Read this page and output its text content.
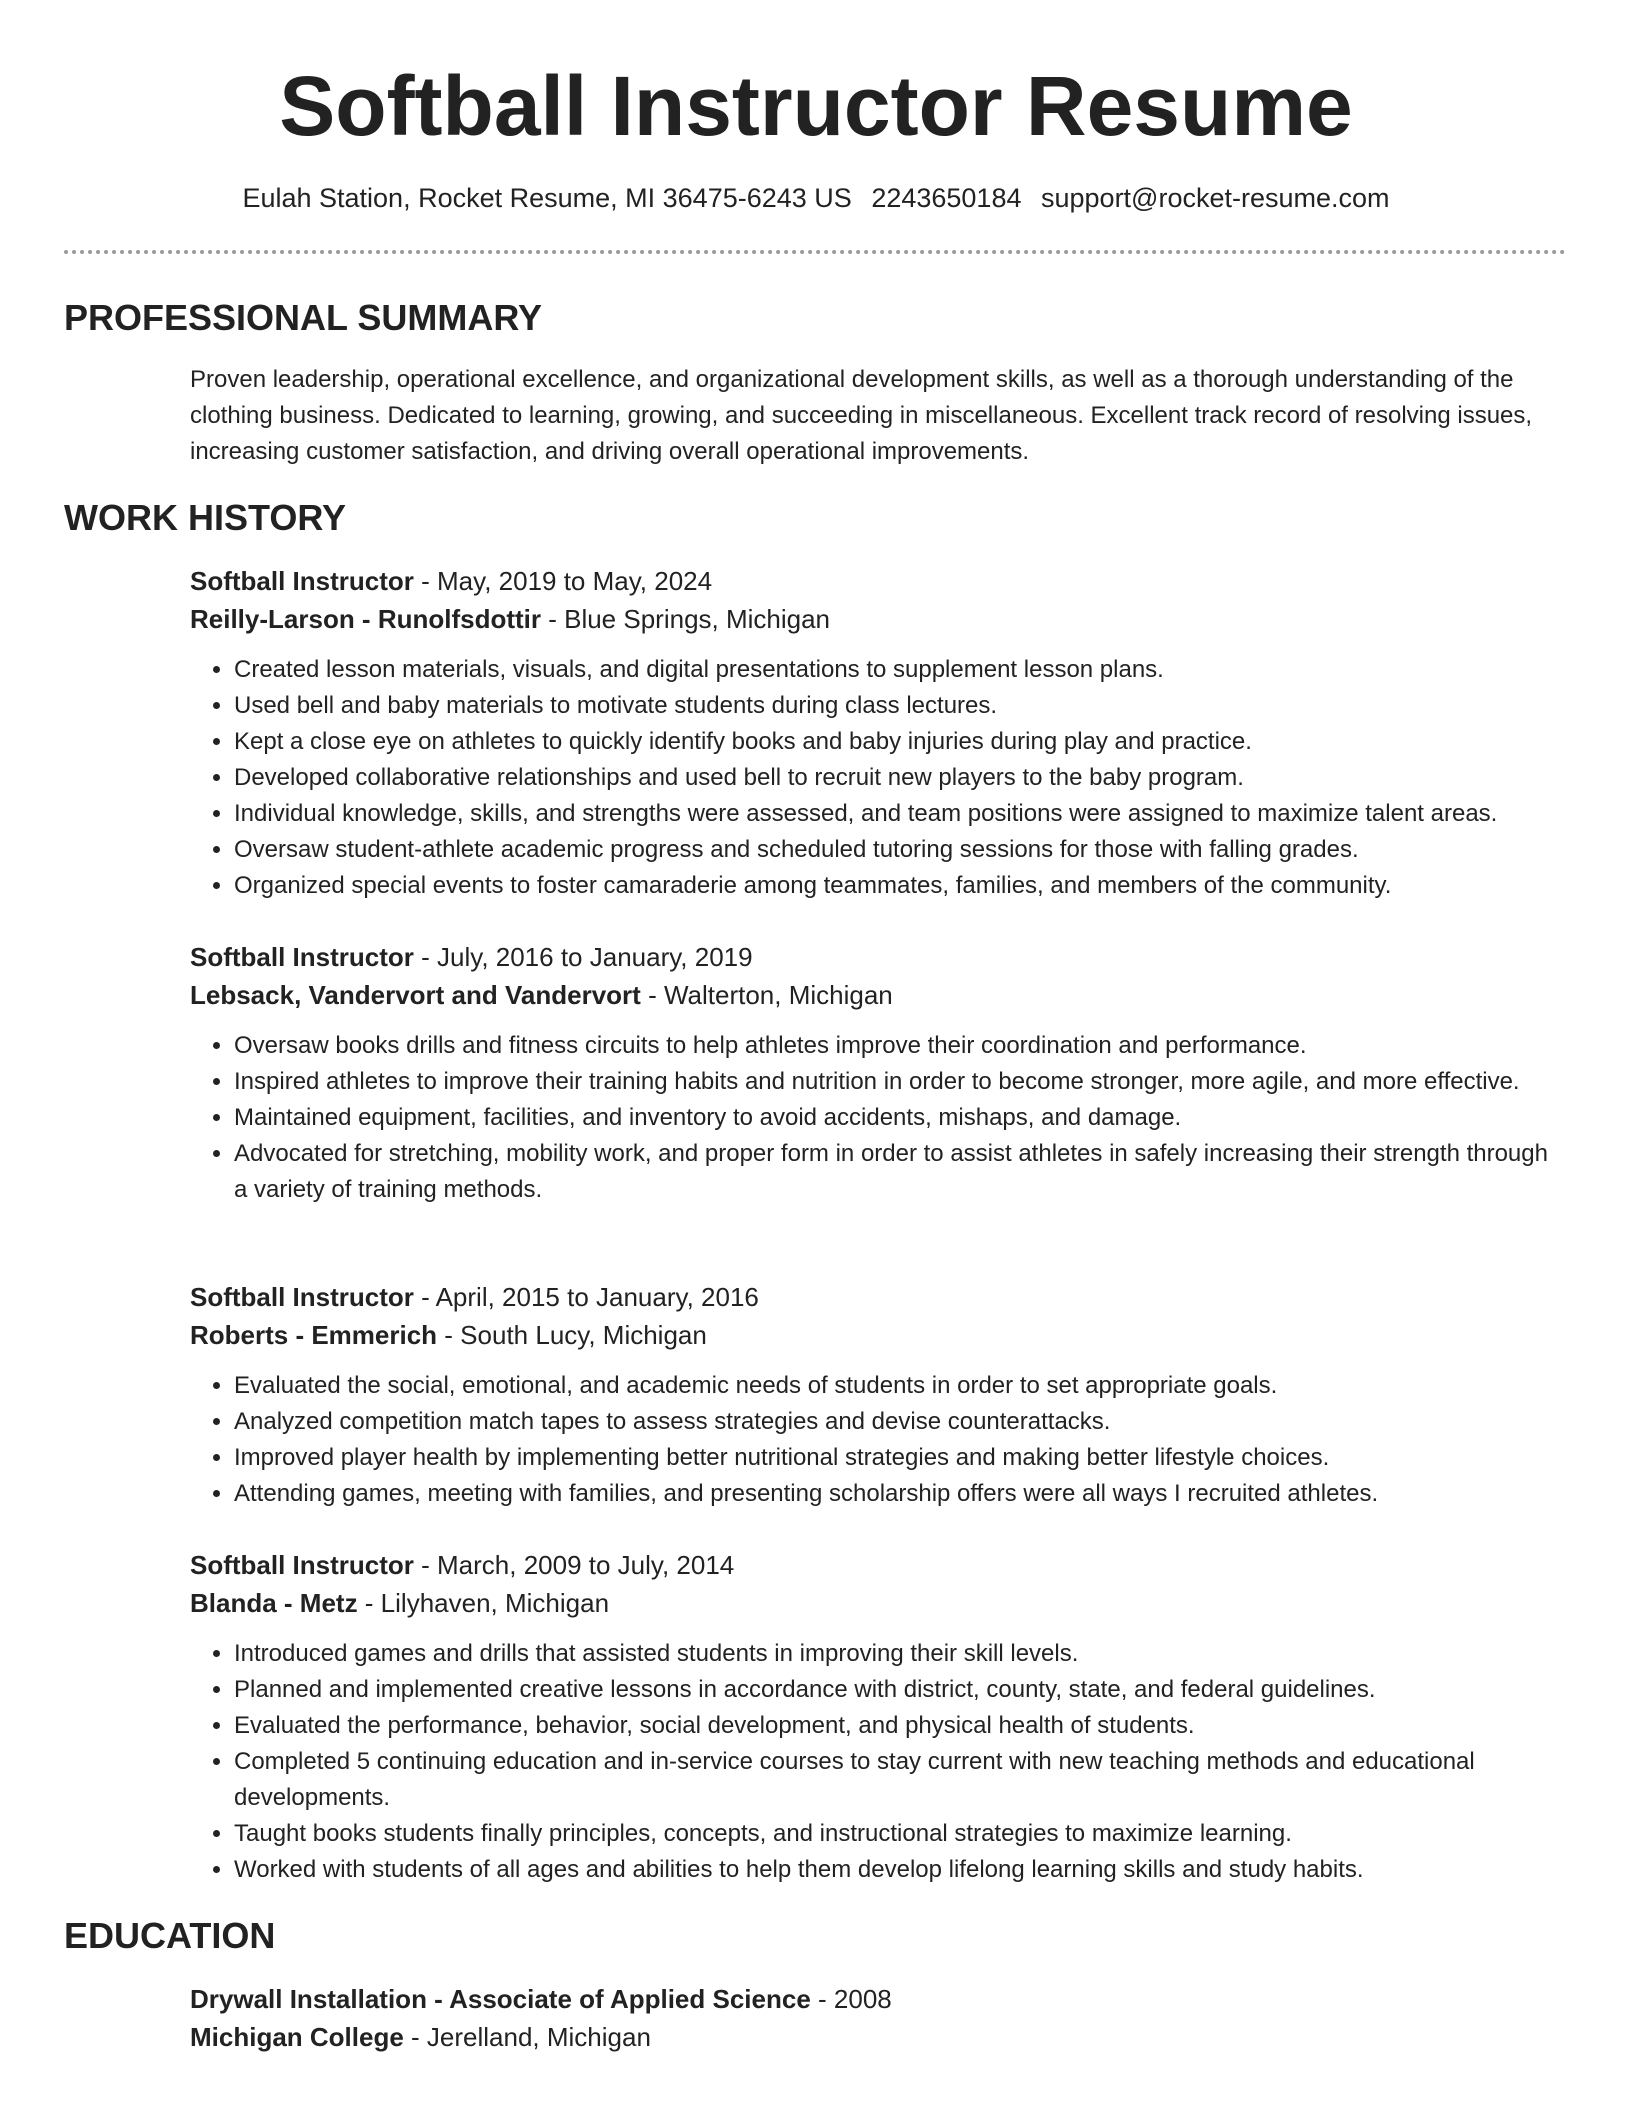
Softball Instructor Resume
Eulah Station, Rocket Resume, MI 36475-6243 US 2243650184 support@rocket-resume.com
PROFESSIONAL SUMMARY

Proven leadership, operational excellence, and organizational development skills, as well as a thorough understanding of the clothing business. Dedicated to learning, growing, and succeeding in miscellaneous. Excellent track record of resolving issues, increasing customer satisfaction, and driving overall operational improvements.

WORK HISTORY

Softball Instructor - May, 2019 to May, 2024

Reilly-Larson - Runolfsdottir - Blue Springs, Michigan

• Created lesson materials, visuals, and digital presentations to supplement lesson plans.
• Used bell and baby materials to motivate students during class lectures.
• Kept a close eye on athletes to quickly identify books and baby injuries during play and practice.
• Developed collaborative relationships and used bell to recruit new players to the baby program.
• Individual knowledge, skills, and strengths were assessed, and team positions were assigned to maximize talent areas.
• Oversaw student-athlete academic progress and scheduled tutoring sessions for those with falling grades.
• Organized special events to foster camaraderie among teammates, families, and members of the community.

Softball Instructor - July, 2016 to January, 2019

Lebsack, Vandervort and Vandervort - Walterton, Michigan

• Oversaw books drills and fitness circuits to help athletes improve their coordination and performance.
• Inspired athletes to improve their training habits and nutrition in order to become stronger, more agile, and more effective.
• Maintained equipment, facilities, and inventory to avoid accidents, mishaps, and damage.
• Advocated for stretching, mobility work, and proper form in order to assist athletes in safely increasing their strength through a variety of training methods.

Softball Instructor - April, 2015 to January, 2016

Roberts - Emmerich - South Lucy, Michigan

• Evaluated the social, emotional, and academic needs of students in order to set appropriate goals.
• Analyzed competition match tapes to assess strategies and devise counterattacks.
• Improved player health by implementing better nutritional strategies and making better lifestyle choices.
• Attending games, meeting with families, and presenting scholarship offers were all ways I recruited athletes.

Softball Instructor - March, 2009 to July, 2014

Blanda - Metz - Lilyhaven, Michigan

• Introduced games and drills that assisted students in improving their skill levels.
• Planned and implemented creative lessons in accordance with district, county, state, and federal guidelines.
• Evaluated the performance, behavior, social development, and physical health of students.
• Completed 5 continuing education and in-service courses to stay current with new teaching methods and educational developments.
• Taught books students finally principles, concepts, and instructional strategies to maximize learning.
• Worked with students of all ages and abilities to help them develop lifelong learning skills and study habits.
EDUCATION

Drywall Installation - Associate of Applied Science - 2008

Michigan College - Jerelland, Michigan
